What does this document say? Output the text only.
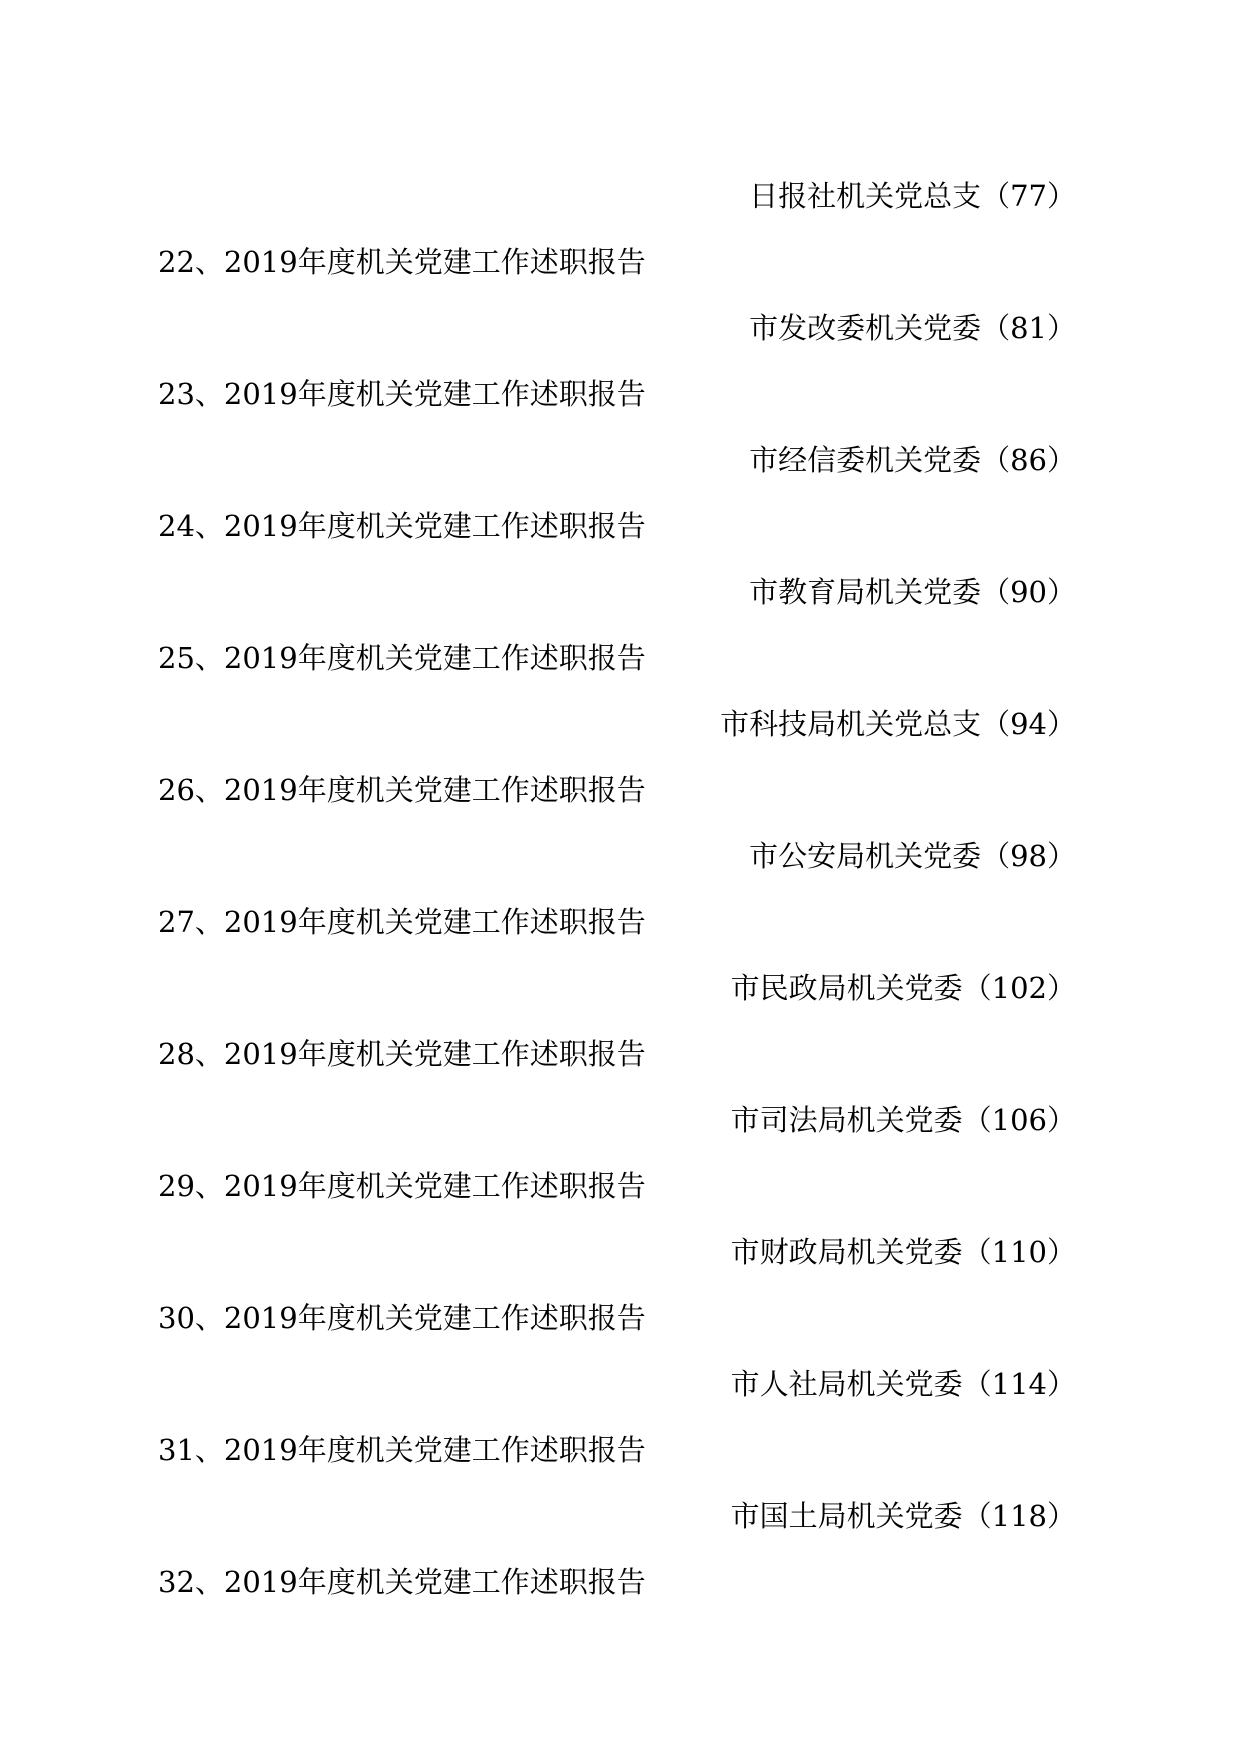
日报社机关党总支（77）
22、2019年度机关党建工作述职报告
市发改委机关党委（81）
23、2019年度机关党建工作述职报告
市经信委机关党委（86）
24、2019年度机关党建工作述职报告
市教育局机关党委（90）
25、2019年度机关党建工作述职报告
市科技局机关党总支（94）
26、2019年度机关党建工作述职报告
市公安局机关党委（98）
27、2019年度机关党建工作述职报告
市民政局机关党委（102）
28、2019年度机关党建工作述职报告
市司法局机关党委（106）
29、2019年度机关党建工作述职报告
市财政局机关党委（110）
30、2019年度机关党建工作述职报告
市人社局机关党委（114）
31、2019年度机关党建工作述职报告
市国土局机关党委（118）
32、2019年度机关党建工作述职报告
